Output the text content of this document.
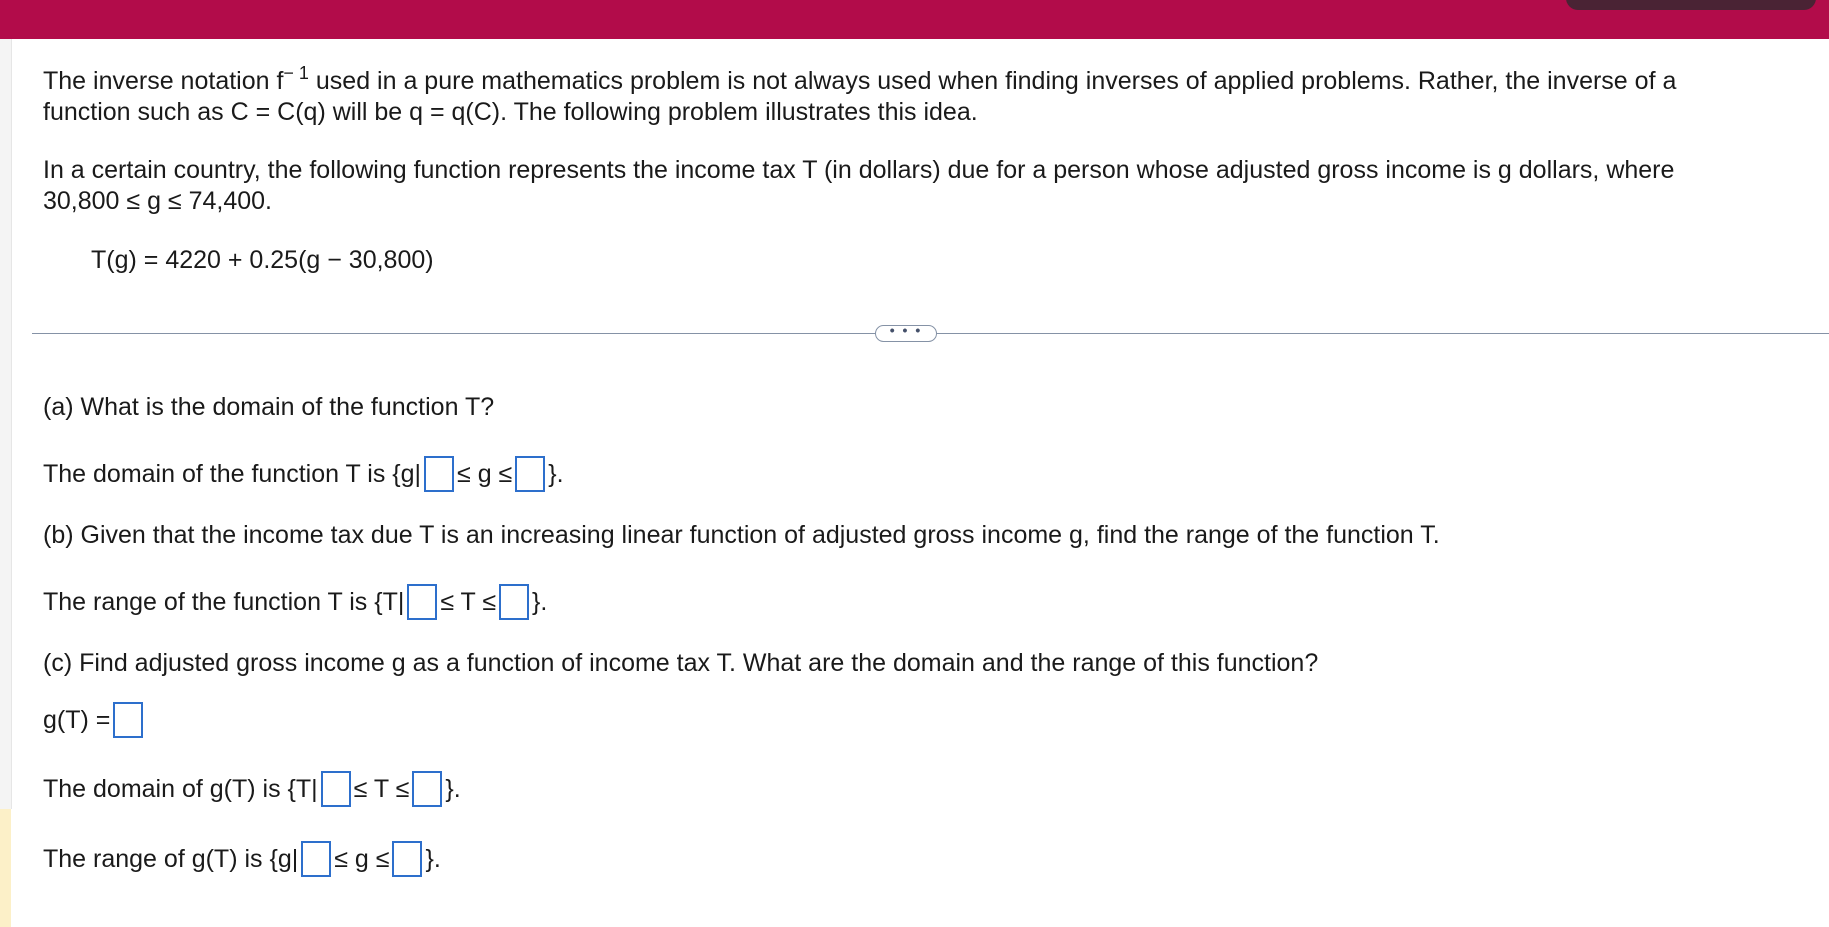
The inverse notation $f^{- 1}$ used in a pure mathematics problem is not always used when finding inverses of applied problems. Rather, the inverse of a
function such as C = C(q) will be q = q(C). The following problem illustrates this idea.
In a certain country, the following function represents the income tax T (in dollars) due for a person whose adjusted gross income is g dollars, where
30,800 ≤ g ≤ 74,400.
T(g) = 4220 + 0.25(g − 30,800)
• • •
(a) What is the domain of the function T?
The domain of the function T is {g| ≤ g ≤ }.
(b) Given that the income tax due T is an increasing linear function of adjusted gross income g, find the range of the function T.
The range of the function T is {T| ≤ T ≤ }.
(c) Find adjusted gross income g as a function of income tax T. What are the domain and the range of this function?
g(T) =
The domain of g(T) is {T| ≤ T ≤ }.
The range of g(T) is {g| ≤ g ≤ }.
